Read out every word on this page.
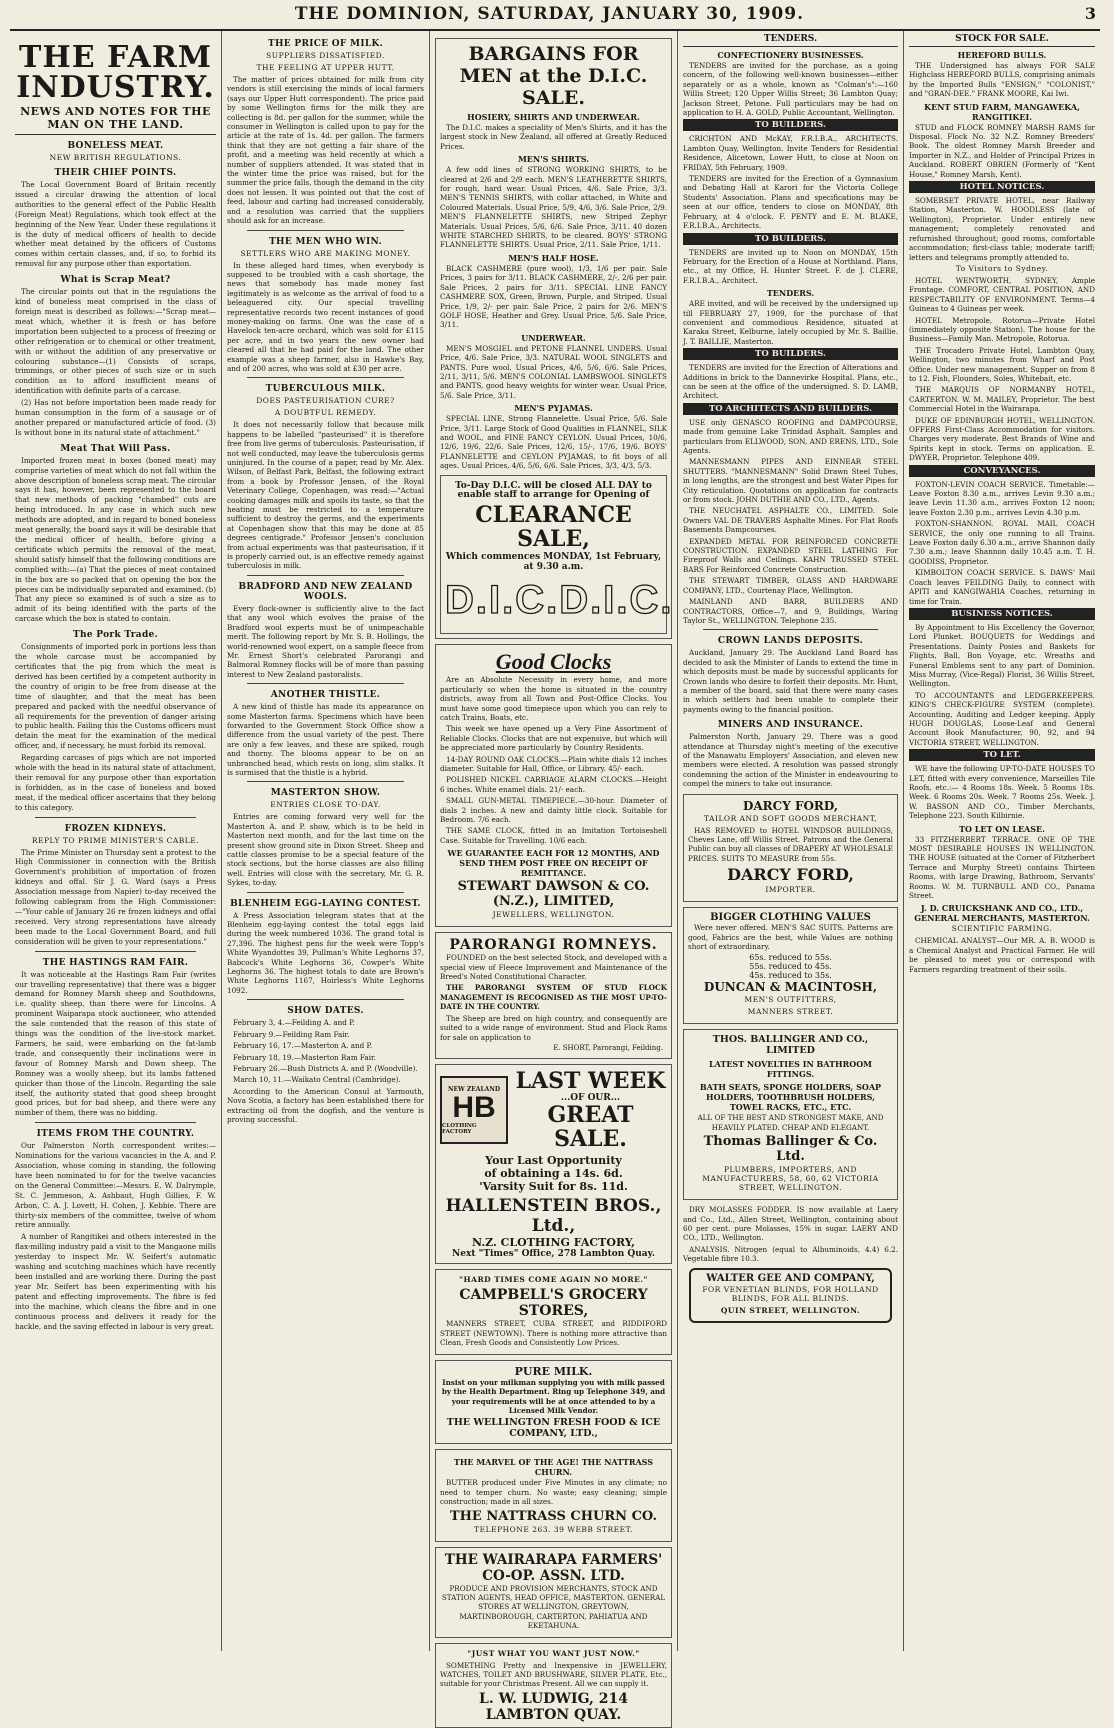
THE DOMINION, SATURDAY, JANUARY 30, 1909.	3
THE FARM INDUSTRY.
NEWS AND NOTES FOR THE MAN ON THE LAND.
BONELESS MEAT.
NEW BRITISH REGULATIONS.
THEIR CHIEF POINTS.

The Local Government Board of Britain recently issued a circular drawing the attention of local authorities to the general effect of the Public Health (Foreign Meat) Regulations, which took effect at the beginning of the New Year. Under these regulations it is the duty of medical officers of health to decide whether meat detained by the officers of Customs comes within certain classes, and, if so, to forbid its removal for any purpose other than exportation.

What is Scrap Meat?

The circular points out that in the regulations the kind of boneless meat comprised in the class of foreign meat is described as follows:—"Scrap meat—meat which, whether it is fresh or has before importation been subjected to a process of freezing or other refrigeration or to chemical or other treatment, with or without the addition of any preservative or colouring substance—(1) Consists of scraps, trimmings, or other pieces of such size or in such condition as to afford insufficient means of identification with definite parts of a carcase.

(2) Has not before importation been made ready for human consumption in the form of a sausage or of another prepared or manufactured article of food. (3) Is without bone in its natural state of attachment."

Meat That Will Pass.

Imported frozen meat in boxes (boned meat) may comprise varieties of meat which do not fall within the above description of boneless scrap meat. The circular says it has, however, been represented to the board that new methods of packing "chambed" cuts are being introduced. In any case in which such new methods are adopted, and in regard to boned boneless meat generally, the board says it will be desirable that the medical officer of health, before giving a certificate which permits the removal of the meat, should satisfy himself that the following conditions are complied with:—(a) That the pieces of meat contained in the box are so packed that on opening the box the pieces can be individually separated and examined. (b) That any piece so examined is of such a size as to admit of its being identified with the parts of the carcase which the box is stated to contain.

The Pork Trade.

Consignments of imported pork in portions less than the whole carcase must be accompanied by certificates that the pig from which the meat is derived has been certified by a competent authority in the country of origin to be free from disease at the time of slaughter, and that the meat has been prepared and packed with the needful observance of all requirements for the prevention of danger arising to public health. Failing this the Customs officers must detain the meat for the examination of the medical officer, and, if necessary, he must forbid its removal.

Regarding carcases of pigs which are not imported whole with the head in its natural state of attachment, their removal for any purpose other than exportation is forbidden, as in the case of boneless and boxed meat, if the medical officer ascertains that they belong to this category.

FROZEN KIDNEYS.
REPLY TO PRIME MINISTER'S CABLE.

The Prime Minister on Thursday sent a protest to the High Commissioner in connection with the British Government's prohibition of importation of frozen kidneys and offal. Sir J. G. Ward (says a Press Association message from Napier) to-day received the following cablegram from the High Commissioner:—"Your cable of January 26 re frozen kidneys and offal received. Very strong representations have already been made to the Local Government Board, and full consideration will be given to your representations."

THE HASTINGS RAM FAIR.

It was noticeable at the Hastings Ram Fair (writes our travelling representative) that there was a bigger demand for Romney Marsh sheep and Southdowns, i.e. quality sheep, than there were for Lincolns. A prominent Waiparapa stock auctioneer, who attended the sale contended that the reason of this state of things was the condition of the live-stock market. Farmers, he said, were embarking on the fat-lamb trade, and consequently their inclinations were in favour of Romney Marsh and Down sheep. The Romney was a woolly sheep, but its lambs fattened quicker than those of the Lincoln. Regarding the sale itself, the authority stated that good sheep brought good prices, but for bad sheep, and there were any number of them, there was no bidding.

ITEMS FROM THE COUNTRY.

Our Palmerston North correspondent writes:—Nominations for the various vacancies in the A. and P. Association, whose coming in standing, the following have been nominated to for for the twelve vacancies on the General Committee:—Messrs. E. W. Dalrymple, St. C. Jemmeson, A. Ashbaut, Hugh Gillies, F. W. Arbon, C. A. J. Lovett, H. Cohen, J. Kebbie. There are thirty-six members of the committee, twelve of whom retire annually.

A number of Rangitikei and others interested in the flax-milling industry paid a visit to the Mangaone mills yesterday to inspect Mr. W. Seifert's automatic washing and scutching machines which have recently been installed and are working there. During the past year Mr. Seifert has been experimenting with his patent and effecting improvements. The fibre is fed into the machine, which cleans the fibre and in one continuous process and delivers it ready for the hackle, and the saving effected in labour is very great.

THE PRICE OF MILK.
SUPPLIERS DISSATISFIED.
THE FEELING AT UPPER HUTT.

The matter of prices obtained for milk from city vendors is still exercising the minds of local farmers (says our Upper Hutt correspondent). The price paid by some Wellington firms for the milk they are collecting is 8d. per gallon for the summer, while the consumer in Wellington is called upon to pay for the article at the rate of 1s. 4d. per gallon. The farmers think that they are not getting a fair share of the profit, and a meeting was held recently at which a number of suppliers attended. It was stated that in the winter time the price was raised, but for the summer the price falls, though the demand in the city does not lessen. It was pointed out that the cost of feed, labour and carting had increased considerably, and a resolution was carried that the suppliers should ask for an increase.

THE MEN WHO WIN.
SETTLERS WHO ARE MAKING MONEY.

In these alleged hard times, when everybody is supposed to be troubled with a cash shortage, the news that somebody has made money fast legitimately is as welcome as the arrival of food to a beleaguered city. Our special travelling representative records two recent instances of good money-making on farms. One was the case of a Havelock ten-acre orchard, which was sold for £115 per acre, and in two years the new owner had cleared all that he had paid for the land. The other example was a sheep farmer, also in Hawke's Bay, and of 200 acres, who was sold at £30 per acre.

TUBERCULOUS MILK.
DOES PASTEURISATION CURE?
A DOUBTFUL REMEDY.

It does not necessarily follow that because milk happens to be labelled "pasteurised" it is therefore free from live germs of tuberculosis. Pasteurisation, if not well conducted, may leave the tuberculosis germs uninjured. In the course of a paper, read by Mr. Alex. Wilson, of Belfast Park, Belfast, the following extract from a book by Professor Jensen, of the Royal Veterinary College, Copenhagen, was read:—"Actual cooking damages milk and spoils its taste, so that the heating must be restricted to a temperature sufficient to destroy the germs, and the experiments at Copenhagen show that this may be done at 85 degrees centigrade." Professor Jensen's conclusion from actual experiments was that pasteurisation, if it is properly carried out, is an effective remedy against tuberculosis in milk.

BRADFORD AND NEW ZEALAND WOOLS.

Every flock-owner is sufficiently alive to the fact that any wool which evolves the praise of the Bradford wool experts must be of unimpeachable merit. The following report by Mr. S. B. Hollings, the world-renowned wool expert, on a sample fleece from Mr. Ernest Short's celebrated Parorangi and Balmoral Romney flocks will be of more than passing interest to New Zealand pastoralists.

ANOTHER THISTLE.

A new kind of thistle has made its appearance on some Masterton farms. Specimens which have been forwarded to the Government Stock Office show a difference from the usual variety of the pest. There are only a few leaves, and these are spiked, rough and thorny. The blooms appear to be on an unbranched head, which rests on long, slim stalks. It is surmised that the thistle is a hybrid.

MASTERTON SHOW.
ENTRIES CLOSE TO-DAY.

Entries are coming forward very well for the Masterton A. and P. show, which is to be held in Masterton next month, and for the last time on the present show ground site in Dixon Street. Sheep and cattle classes promise to be a special feature of the stock sections, but the horse classes are also filling well. Entries will close with the secretary, Mr. G. R. Sykes, to-day.

BLENHEIM EGG-LAYING CONTEST.

A Press Association telegram states that at the Blenheim egg-laying contest the total eggs laid during the week numbered 1036. The grand total is 27,396. The highest pens for the week were Topp's White Wyandottes 39, Pullman's White Leghorns 37, Babcock's White Leghorns 36, Cowper's White Leghorns 36. The highest totals to date are Brown's White Leghorns 1167, Hoirless's White Leghorns 1092.

SHOW DATES.

February 3, 4.—Feilding A. and P.

February 9.—Feilding Ram Fair.

February 16, 17.—Masterton A. and P.

February 18, 19.—Masterton Ram Fair.

February 26.—Bush Districts A. and P. (Woodville).

March 10, 11.—Waikato Central (Cambridge).

According to the American Consul at Yarmouth, Nova Scotia, a factory has been established there for extracting oil from the dogfish, and the venture is proving successful.

BARGAINS FOR MEN at the D.I.C. SALE.
HOSIERY, SHIRTS AND UNDERWEAR.

The D.I.C. makes a speciality of Men's Shirts, and it has the largest stock in New Zealand, all offered at Greatly Reduced Prices.

MEN'S SHIRTS.

A few odd lines of STRONG WORKING SHIRTS, to be cleared at 2/6 and 2/9 each. MEN'S LEATHERETTE SHIRTS, for rough, hard wear. Usual Prices, 4/6. Sale Price, 3/3. MEN'S TENNIS SHIRTS, with collar attached, in White and Coloured Materials. Usual Price, 5/9, 4/6, 3/6. Sale Price, 2/9. MEN'S FLANNELETTE SHIRTS, new Striped Zephyr Materials. Usual Prices, 5/6, 6/6. Sale Price, 3/11. 40 dozen WHITE STARCHED SHIRTS, to be cleared. BOYS' STRONG FLANNELETTE SHIRTS. Usual Price, 2/11. Sale Price, 1/11.

MEN'S HALF HOSE.

BLACK CASHMERE (pure wool), 1/3, 1/6 per pair. Sale Prices, 3 pairs for 3/11. BLACK CASHMERE, 2/-, 2/6 per pair. Sale Prices, 2 pairs for 3/11. SPECIAL LINE FANCY CASHMERE SOX, Green, Brown, Purple, and Striped. Usual Price, 1/9, 2/- per pair. Sale Price, 2 pairs for 2/6. MEN'S GOLF HOSE, Heather and Grey. Usual Price, 5/6. Sale Price, 3/11.

UNDERWEAR.

MEN'S MOSGIEL and PETONE FLANNEL UNDERS. Usual Price, 4/6. Sale Price, 3/3. NATURAL WOOL SINGLETS and PANTS. Pure wool. Usual Prices, 4/6, 5/6, 6/6. Sale Prices, 2/11, 3/11, 5/6. MEN'S COLONIAL LAMBSWOOL SINGLETS and PANTS, good heavy weights for winter wear. Usual Price, 5/6. Sale Price, 3/11.

MEN'S PYJAMAS.

SPECIAL LINE, Strong Flannelette. Usual Price, 5/6. Sale Price, 3/11. Large Stock of Good Qualities in FLANNEL, SILK and WOOL, and FINE FANCY CEYLON. Usual Prices, 10/6, 12/6, 19/6, 22/6. Sale Prices, 12/6, 15/-, 17/6, 19/6. BOYS' FLANNELETTE and CEYLON PYJAMAS, to fit boys of all ages. Usual Prices, 4/6, 5/6, 6/6. Sale Prices, 3/3, 4/3, 5/3.

To-Day D.I.C. will be closed ALL DAY to enable staff to arrange for Opening of
CLEARANCE SALE,
Which commences MONDAY, 1st February, at 9.30 a.m.
D.I.C. D.I.C.
Good Clocks

Are an Absolute Necessity in every home, and more particularly so when the home is situated in the country districts, away from all Town and Post-Office Clocks. You must have some good timepiece upon which you can rely to catch Trains, Boats, etc.

This week we have opened up a Very Fine Assortment of Reliable Clocks. Clocks that are not expensive, but which will be appreciated more particularly by Country Residents.

14-DAY ROUND OAK CLOCKS.—Plain white dials 12 inches diameter. Suitable for Hall, Office, or Library. 45/- each.

POLISHED NICKEL CARRIAGE ALARM CLOCKS.—Height 6 inches. White enamel dials. 21/- each.

SMALL GUN-METAL TIMEPIECE.—30-hour. Diameter of dials 2 inches. A new and dainty little clock. Suitable for Bedroom. 7/6 each.

THE SAME CLOCK, fitted in an Imitation Tortoiseshell Case. Suitable for Travelling. 10/6 each.

WE GUARANTEE EACH FOR 12 MONTHS, AND SEND THEM POST FREE ON RECEIPT OF REMITTANCE.
STEWART DAWSON & CO. (N.Z.), LIMITED,
JEWELLERS, WELLINGTON.
PARORANGI ROMNEYS.

FOUNDED on the best selected Stock, and developed with a special view of Fleece Improvement and Maintenance of the Breed's Noted Constitutional Character.

THE PARORANGI SYSTEM OF STUD FLOCK MANAGEMENT IS RECOGNISED AS THE MOST UP-TO-DATE IN THE COUNTRY.

The Sheep are bred on high country, and consequently are suited to a wide range of environment. Stud and Flock Rams for sale on application to

E. SHORT, Parorangi, Feilding.
NEW ZEALAND
HB
CLOTHING FACTORY
LAST WEEK
...OF OUR...
GREAT SALE.
Your Last Opportunity
of obtaining a 14s. 6d.
'Varsity Suit for 8s. 11d.
HALLENSTEIN BROS., Ltd.,
N.Z. CLOTHING FACTORY,
Next "Times" Office, 278 Lambton Quay.
"HARD TIMES COME AGAIN NO MORE."
CAMPBELL'S GROCERY STORES,

MANNERS STREET, CUBA STREET, and RIDDIFORD STREET (NEWTOWN). There is nothing more attractive than Clean, Fresh Goods and Consistently Low Prices.

PURE MILK.

Insist on your milkman supplying you with milk passed by the Health Department. Ring up Telephone 349, and your requirements will be at once attended to by a Licensed Milk Vendor.

THE WELLINGTON FRESH FOOD & ICE COMPANY, LTD.,
THE MARVEL OF THE AGE! THE NATTRASS CHURN.

BUTTER produced under Five Minutes in any climate; no need to temper churn. No waste; easy cleaning; simple construction; made in all sizes.

THE NATTRASS CHURN CO.
TELEPHONE 263. 39 WEBB STREET.
THE WAIRARAPA FARMERS' CO-OP. ASSN. LTD.

PRODUCE AND PROVISION MERCHANTS, STOCK AND STATION AGENTS, HEAD OFFICE, MASTERTON. GENERAL STORES AT WELLINGTON, GREYTOWN, MARTINBOROUGH, CARTERTON, PAHIATUA AND EKETAHUNA.

"JUST WHAT YOU WANT JUST NOW."

SOMETHING Pretty and Inexpensive in JEWELLERY, WATCHES, TOILET AND BRUSHWARE, SILVER PLATE, Etc., suitable for your Christmas Present. All we can supply it.

L. W. LUDWIG, 214 LAMBTON QUAY.
TENDERS.
CONFECTIONERY BUSINESSES.

TENDERS are invited for the purchase, as a going concern, of the following well-known businesses—either separately or as a whole, known as "Colman's":—160 Willis Street; 120 Upper Willis Street; 36 Lambton Quay; Jackson Street, Petone. Full particulars may be had on application to H. A. GOLD, Public Accountant, Wellington.

TO BUILDERS.

CRICHTON AND McKAY, F.R.I.B.A., ARCHITECTS. Lambton Quay, Wellington. Invite Tenders for Residential Residence, Alicetown, Lower Hutt, to close at Noon on FRIDAY, 5th February, 1909.

TENDERS are invited for the Erection of a Gymnasium and Debating Hall at Karori for the Victoria College Students' Association. Plans and specifications may be seen at our office, tenders to close on MONDAY, 8th February, at 4 o'clock. F. PENTY and E. M. BLAKE, F.R.I.B.A., Architects.

TO BUILDERS.

TENDERS are invited up to Noon on MONDAY, 15th February, for the Erection of a House at Northland. Plans, etc., at my Office, H. Hunter Street. F. de J. CLERE, F.R.I.B.A., Architect.

TENDERS.

ARE invited, and will be received by the undersigned up till FEBRUARY 27, 1909, for the purchase of that convenient and commodious Residence, situated at Karaka Street, Kelburne, lately occupied by Mr. S. Baillie. J. T. BAILLIE, Masterton.

TO BUILDERS.

TENDERS are invited for the Erection of Alterations and Additions in brick to the Dannevirke Hospital. Plans, etc., can be seen at the office of the undersigned. S. D. LAMB, Architect.

TO ARCHITECTS AND BUILDERS.

USE only GENASCO ROOFING and DAMPCOURSE, made from genuine Lake Trinidad Asphalt. Samples and particulars from ELLWOOD, SON, AND ERENS, LTD., Sole Agents.

MANNESMANN PIPES AND EINNEAR STEEL SHUTTERS. "MANNESMANN" Solid Drawn Steel Tubes, in long lengths, are the strongest and best Water Pipes for City reticulation. Quotations on application for contracts or from stock. JOHN DUTHIE AND CO., LTD., Agents.

THE NEUCHATEL ASPHALTE CO., LIMITED. Sole Owners VAL DE TRAVERS Asphalte Mines. For Flat Roofs Basements Dampcourses.

EXPANDED METAL FOR REINFORCED CONCRETE CONSTRUCTION. EXPANDED STEEL LATHING For Fireproof Walls and Ceilings. KAHN TRUSSED STEEL BARS For Reinforced Concrete Construction.

THE STEWART TIMBER, GLASS AND HARDWARE COMPANY, LTD., Courtenay Place, Wellington.

MAINLAND AND BARR, BUILDERS AND CONTRACTORS, Office—7, and 9, Buildings, Waring Taylor St., WELLINGTON. Telephone 235.

CROWN LANDS DEPOSITS.

Auckland, January 29. The Auckland Land Board has decided to ask the Minister of Lands to extend the time in which deposits must be made by successful applicants for Crown lands who desire to forfeit their deposits. Mr. Hunt, a member of the board, said that there were many cases in which settlers had been unable to complete their payments owing to the financial position.

MINERS AND INSURANCE.

Palmerston North, January 29. There was a good attendance at Thursday night's meeting of the executive of the Manawatu Employers' Association, and eleven new members were elected. A resolution was passed strongly condemning the action of the Minister in endeavouring to compel the miners to take out insurance.

DARCY FORD,
TAILOR AND SOFT GOODS MERCHANT,

HAS REMOVED to HOTEL WINDSOR BUILDINGS, Cheves Lane, off Willis Street. Patrons and the General Public can buy all classes of DRAPERY AT WHOLESALE PRICES. SUITS TO MEASURE from 55s.

DARCY FORD,
IMPORTER.
BIGGER CLOTHING VALUES

Were never offered. MEN'S SAC SUITS. Patterns are good, Fabrics are the best, while Values are nothing short of extraordinary.

65s. reduced to 55s.
55s. reduced to 45s.
45s. reduced to 35s.
DUNCAN & MACINTOSH,
MEN'S OUTFITTERS,
MANNERS STREET.
THOS. BALLINGER AND CO., LIMITED
LATEST NOVELTIES IN BATHROOM FITTINGS.
BATH SEATS, SPONGE HOLDERS, SOAP HOLDERS, TOOTHBRUSH HOLDERS, TOWEL RACKS, ETC., ETC.

ALL OF THE BEST AND STRONGEST MAKE, AND HEAVILY PLATED. CHEAP AND ELEGANT.

Thomas Ballinger & Co. Ltd.
PLUMBERS, IMPORTERS, AND MANUFACTURERS, 58, 60, 62 VICTORIA STREET, WELLINGTON.

DRY MOLASSES FODDER. IS now available at Laery and Co., Ltd., Allen Street, Wellington, containing about 60 per cent. pure Molasses, 15% in sugar. LAERY AND CO., LTD., Wellington.

ANALYSIS. Nitrogen (equal to Albuminoids, 4.4) 6.2. Vegetable fibre 10.3.

WALTER GEE AND COMPANY,
FOR VENETIAN BLINDS, FOR HOLLAND BLINDS, FOR ALL BLINDS.
QUIN STREET, WELLINGTON.
STOCK FOR SALE.
HEREFORD BULLS.

THE Undersigned has always FOR SALE Highclass HEREFORD BULLS, comprising animals by the Imported Bulls "ENSIGN," "COLONIST," and "GRAN-DEE." FRANK MOORE, Kai Iwi.

KENT STUD FARM, MANGAWEKA, RANGITIKEI.

STUD and FLOCK ROMNEY MARSH RAMS for Disposal. Flock No. 32 N.Z. Romney Breeders' Book. The oldest Romney Marsh Breeder and Importer in N.Z., and Holder of Principal Prizes in Auckland. ROBERT OBRIEN (Formerly of "Kent House," Romney Marsh, Kent).

HOTEL NOTICES.

SOMERSET PRIVATE HOTEL, near Railway Station, Masterton. W. HOODLESS (late of Wellington), Proprietor. Under entirely new management; completely renovated and refurnished throughout; good rooms, comfortable accommodation; first-class table; moderate tariff; letters and telegrams promptly attended to.

To Visitors to Sydney.

HOTEL WENTWORTH, SYDNEY, Ample Frontage. COMFORT, CENTRAL POSITION, AND RESPECTABILITY OF ENVIRONMENT. Terms—4 Guineas to 4 Guineas per week.

HOTEL Metropole, Rotorua—Private Hotel (immediately opposite Station). The house for the Business—Family Man. Metropole, Rotorua.

THE Trocadero Private Hotel, Lambton Quay, Wellington, two minutes from Wharf and Post Office. Under new management. Supper on from 8 to 12. Fish, Flounders, Soles, Whitebait, etc.

THE MARQUIS OF NORMANBY HOTEL, CARTERTON. W. M. MAILEY, Proprietor. The best Commercial Hotel in the Wairarapa.

DUKE OF EDINBURGH HOTEL, WELLINGTON. OFFERS First-Class Accommodation for visitors. Charges very moderate. Best Brands of Wine and Spirits kept in stock. Terms on application. E. DWYER, Proprietor. Telephone 409.

CONVEYANCES.

FOXTON-LEVIN COACH SERVICE. Timetable:—Leave Foxton 8.30 a.m., arrives Levin 9.30 a.m.; leave Levin 11.30 a.m., arrives Foxton 12 noon; leave Foxton 2.30 p.m., arrives Levin 4.30 p.m.

FOXTON-SHANNON. ROYAL MAIL COACH SERVICE, the only one running to all Trains. Leave Foxton daily 6.30 a.m., arrive Shannon daily 7.30 a.m.; leave Shannon daily 10.45 a.m. T. H. GOODISS, Proprietor.

KIMBOLTON COACH SERVICE. S. DAWS' Mail Coach leaves FEILDING Daily, to connect with APITI and KANGIWAHIA Coaches, returning in time for Train.

BUSINESS NOTICES.

By Appointment to His Excellency the Governor, Lord Plunket. BOUQUETS for Weddings and Presentations. Dainty Posies and Baskets for Flights, Ball, Bon Voyage, etc. Wreaths and Funeral Emblems sent to any part of Dominion. Miss Murray, (Vice-Regal) Florist, 36 Willis Street, Wellington.

TO ACCOUNTANTS and LEDGERKEEPERS. KING'S CHECK-FIGURE SYSTEM (complete). Accounting, Auditing and Ledger keeping. Apply HUGH DOUGLAS, Loose-Leaf and General Account Book Manufacturer, 90, 92, and 94 VICTORIA STREET, WELLINGTON.

TO LET.

WE have the following UP-TO-DATE HOUSES TO LET, fitted with every convenience, Marseilles Tile Roofs, etc.:— 4 Rooms 18s. Week. 5 Rooms 18s. Week. 6 Rooms 20s. Week. 7 Rooms 25s. Week. J. W. BASSON AND CO., Timber Merchants, Telephone 223. South Kilbirnie.

TO LET ON LEASE.

33 FITZHERBERT TERRACE. ONE OF THE MOST DESIRABLE HOUSES IN WELLINGTON. THE HOUSE (situated at the Corner of Fitzherbert Terrace and Murphy Street) contains Thirteen Rooms, with large Drawing, Bathroom, Servants' Rooms. W. M. TURNBULL AND CO., Panama Street.

J. D. CRUICKSHANK AND CO., LTD., GENERAL MERCHANTS, MASTERTON.
SCIENTIFIC FARMING.

CHEMICAL ANALYST—Our MR. A. B. WOOD is a Chemical Analyst and Practical Farmer. He will be pleased to meet you or correspond with Farmers regarding treatment of their soils.
